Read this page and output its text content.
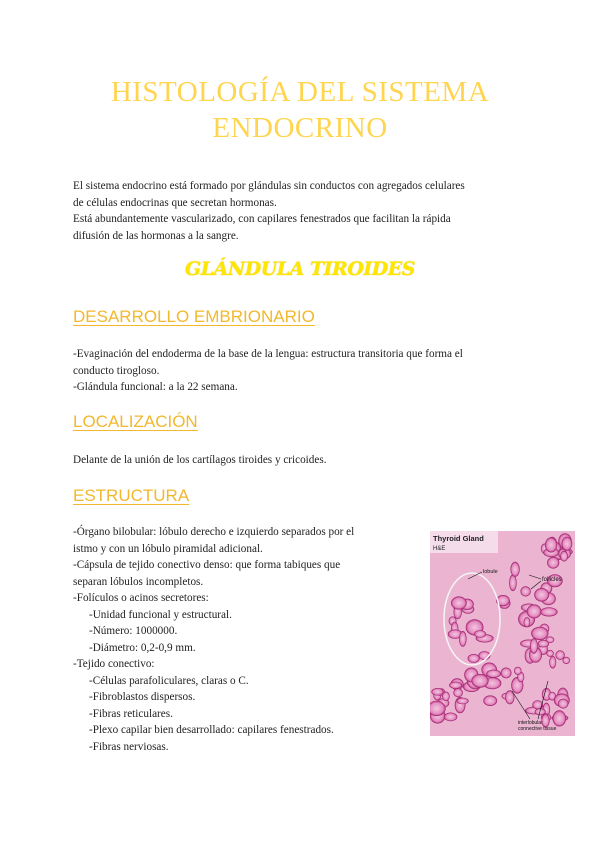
HISTOLOGÍA DEL SISTEMA
ENDOCRINO
El sistema endocrino está formado por glándulas sin conductos con agregados celulares
de células endocrinas que secretan hormonas.
Está abundantemente vascularizado, con capilares fenestrados que facilitan la rápida
difusión de las hormonas a la sangre.
GLÁNDULA TIROIDES
DESARROLLO EMBRIONARIO
-Evaginación del endoderma de la base de la lengua: estructura transitoria que forma el
conducto tirogloso.
-Glándula funcional: a la 22 semana.
LOCALIZACIÓN
Delante de la unión de los cartílagos tiroides y cricoides.
ESTRUCTURA
-Órgano bilobular: lóbulo derecho e izquierdo separados por el
istmo y con un lóbulo piramidal adicional.
-Cápsula de tejido conectivo denso: que forma tabiques que
separan lóbulos incompletos.
-Folículos o acinos secretores:
-Unidad funcional y estructural.
-Número: 1000000.
-Diámetro: 0,2-0,9 mm.
-Tejido conectivo:
-Células parafoliculares, claras o C.
-Fibroblastos dispersos.
-Fibras reticulares.
-Plexo capilar bien desarrollado: capilares fenestrados.
-Fibras nerviosas.
Thyroid Gland
H&E
lobule
follicles
interlobular
connective tissue
